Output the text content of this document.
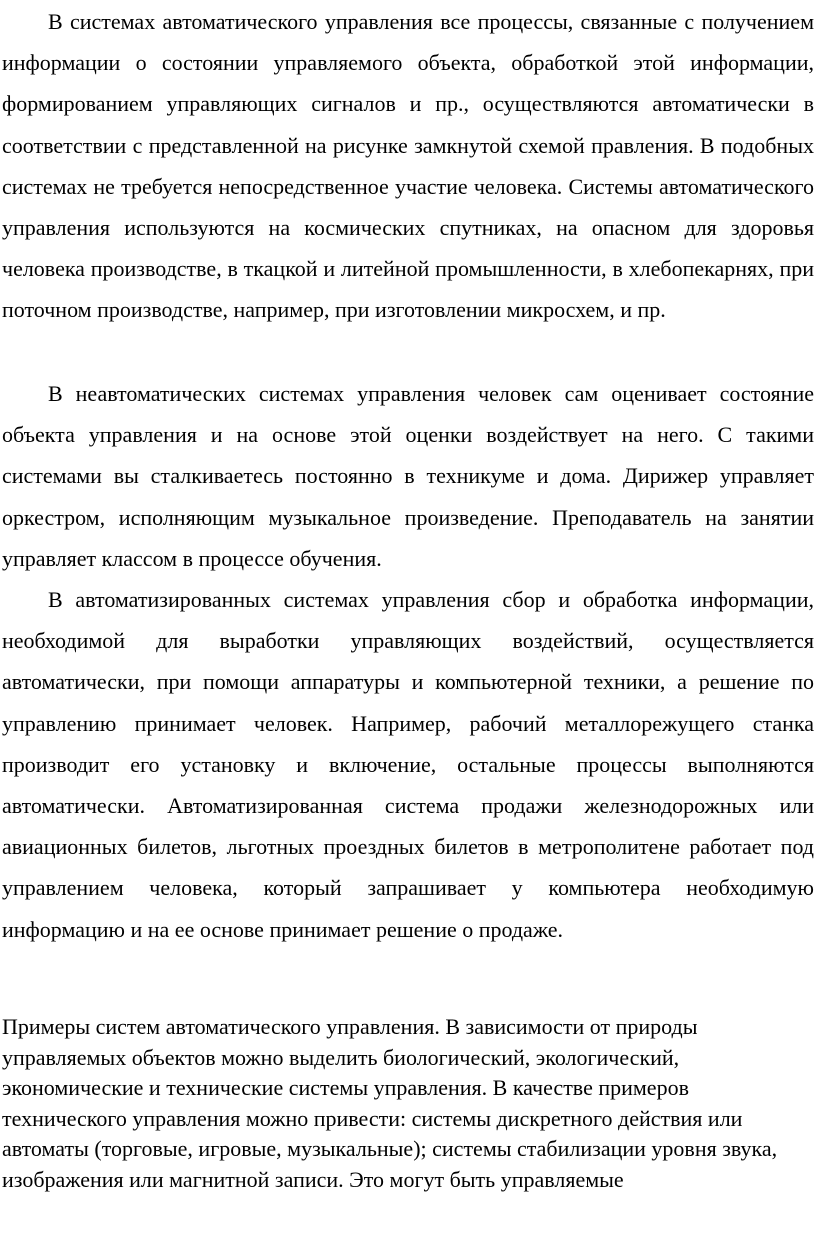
В системах автоматического управления все процессы, связанные с получением информации о состоянии управляемого объекта, обработкой этой информации, формированием управляющих сигналов и пр., осуществляются автоматически в соответствии с представленной на рисунке замкнутой схемой правления. В подобных системах не требуется непосредственное участие человека. Системы автоматического управления используются на космических спутниках, на опасном для здоровья человека производстве, в ткацкой и литейной промышленности, в хлебопекарнях, при поточном производстве, например, при изготовлении микросхем, и пр.

В неавтоматических системах управления человек сам оценивает состояние объекта управления и на основе этой оценки воздействует на него. С такими системами вы сталкиваетесь постоянно в техникуме и дома. Дирижер управляет оркестром, исполняющим музыкальное произведение. Преподаватель на занятии управляет классом в процессе обучения.

В автоматизированных системах управления сбор и обработка информации, необходимой для выработки управляющих воздействий, осуществляется автоматически, при помощи аппаратуры и компьютерной техники, а решение по управлению принимает человек. Например, рабочий металлорежущего станка производит его установку и включение, остальные процессы выполняются автоматически. Автоматизированная система продажи железнодорожных или авиационных билетов, льготных проездных билетов в метрополитене работает под управлением человека, который запрашивает у компьютера необходимую информацию и на ее основе принимает решение о продаже.

Примеры систем автоматического управления. В зависимости от природы управляемых объектов можно выделить биологический, экологический, экономические и технические системы управления. В качестве примеров технического управления можно привести: системы дискретного действия или автоматы (торговые, игровые, музыкальные); системы стабилизации уровня звука, изображения или магнитной записи. Это могут быть управляемые
